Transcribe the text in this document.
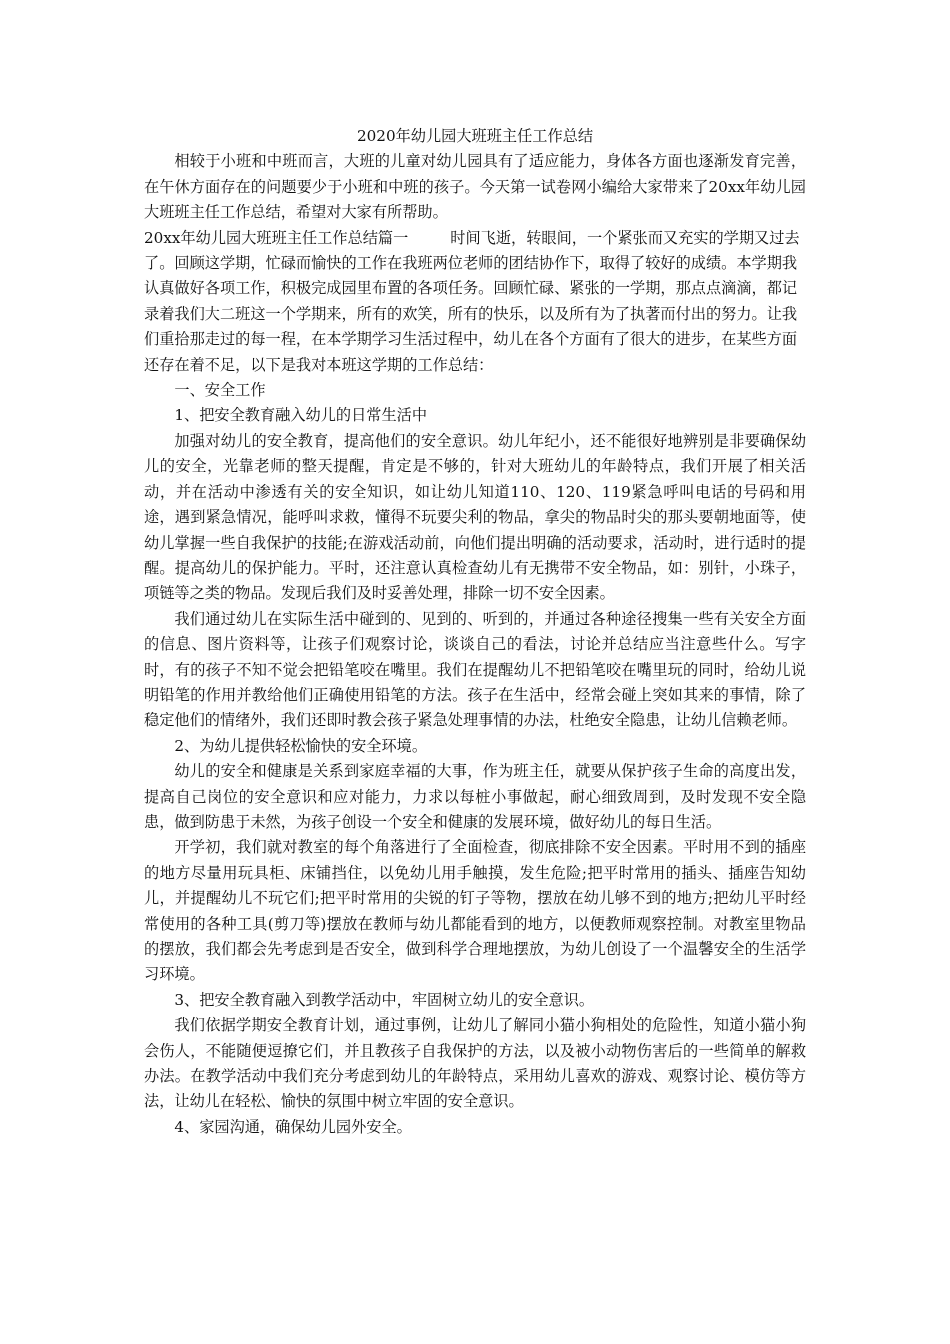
2020年幼儿园大班班主任工作总结

相较于小班和中班而言，大班的儿童对幼儿园具有了适应能力，身体各方面也逐渐发育完善，在午休方面存在的问题要少于小班和中班的孩子。今天第一试卷网小编给大家带来了20xx年幼儿园大班班主任工作总结，希望对大家有所帮助。

20xx年幼儿园大班班主任工作总结篇一	时间飞逝，转眼间，一个紧张而又充实的学期又过去了。回顾这学期，忙碌而愉快的工作在我班两位老师的团结协作下，取得了较好的成绩。本学期我认真做好各项工作，积极完成园里布置的各项任务。回顾忙碌、紧张的一学期，那点点滴滴，都记录着我们大二班这一个学期来，所有的欢笑，所有的快乐，以及所有为了执著而付出的努力。让我们重拾那走过的每一程，在本学期学习生活过程中，幼儿在各个方面有了很大的进步，在某些方面还存在着不足，以下是我对本班这学期的工作总结：

一、安全工作

1、把安全教育融入幼儿的日常生活中

加强对幼儿的安全教育，提高他们的安全意识。幼儿年纪小，还不能很好地辨别是非要确保幼儿的安全，光靠老师的整天提醒，肯定是不够的，针对大班幼儿的年龄特点，我们开展了相关活动，并在活动中渗透有关的安全知识，如让幼儿知道110、120、119紧急呼叫电话的号码和用途，遇到紧急情况，能呼叫求救，懂得不玩要尖利的物品，拿尖的物品时尖的那头要朝地面等，使幼儿掌握一些自我保护的技能;在游戏活动前，向他们提出明确的活动要求，活动时，进行适时的提醒。提高幼儿的保护能力。平时，还注意认真检查幼儿有无携带不安全物品，如：别针，小珠子，项链等之类的物品。发现后我们及时妥善处理，排除一切不安全因素。

我们通过幼儿在实际生活中碰到的、见到的、听到的，并通过各种途径搜集一些有关安全方面的信息、图片资料等，让孩子们观察讨论，谈谈自己的看法，讨论并总结应当注意些什么。写字时，有的孩子不知不觉会把铅笔咬在嘴里。我们在提醒幼儿不把铅笔咬在嘴里玩的同时，给幼儿说明铅笔的作用并教给他们正确使用铅笔的方法。孩子在生活中，经常会碰上突如其来的事情，除了稳定他们的情绪外，我们还即时教会孩子紧急处理事情的办法，杜绝安全隐患，让幼儿信赖老师。

2、为幼儿提供轻松愉快的安全环境。

幼儿的安全和健康是关系到家庭幸福的大事，作为班主任，就要从保护孩子生命的高度出发，提高自己岗位的安全意识和应对能力，力求以每桩小事做起，耐心细致周到，及时发现不安全隐患，做到防患于未然，为孩子创设一个安全和健康的发展环境，做好幼儿的每日生活。

开学初，我们就对教室的每个角落进行了全面检查，彻底排除不安全因素。平时用不到的插座的地方尽量用玩具柜、床铺挡住，以免幼儿用手触摸，发生危险;把平时常用的插头、插座告知幼儿，并提醒幼儿不玩它们;把平时常用的尖锐的钉子等物，摆放在幼儿够不到的地方;把幼儿平时经常使用的各种工具(剪刀等)摆放在教师与幼儿都能看到的地方，以便教师观察控制。对教室里物品的摆放，我们都会先考虑到是否安全，做到科学合理地摆放，为幼儿创设了一个温馨安全的生活学习环境。

3、把安全教育融入到教学活动中，牢固树立幼儿的安全意识。

我们依据学期安全教育计划，通过事例，让幼儿了解同小猫小狗相处的危险性，知道小猫小狗会伤人，不能随便逗撩它们，并且教孩子自我保护的方法，以及被小动物伤害后的一些简单的解救办法。在教学活动中我们充分考虑到幼儿的年龄特点，采用幼儿喜欢的游戏、观察讨论、模仿等方法，让幼儿在轻松、愉快的氛围中树立牢固的安全意识。

4、家园沟通，确保幼儿园外安全。
